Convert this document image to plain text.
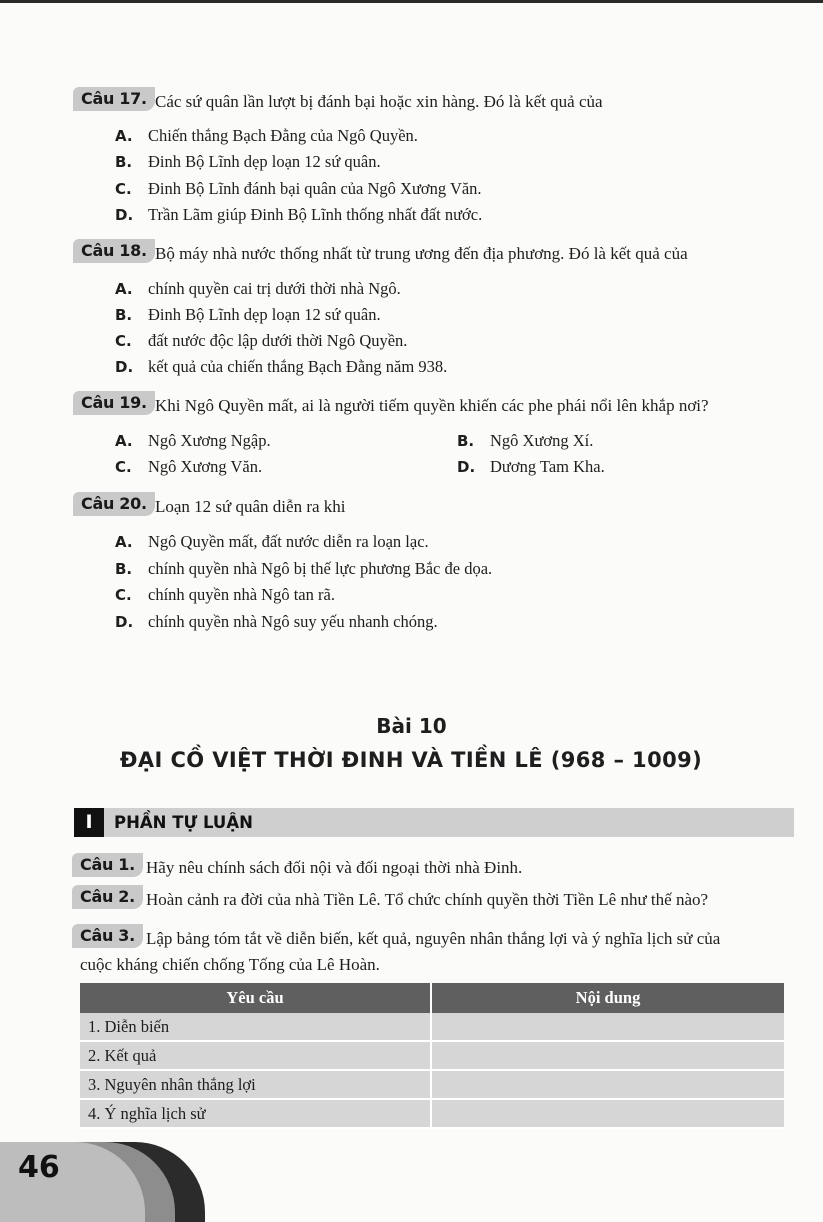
Câu 17. Các sứ quân lần lượt bị đánh bại hoặc xin hàng. Đó là kết quả của
A. Chiến thắng Bạch Đằng của Ngô Quyền.
B. Đinh Bộ Lĩnh dẹp loạn 12 sứ quân.
C. Đinh Bộ Lĩnh đánh bại quân của Ngô Xương Văn.
D. Trần Lãm giúp Đinh Bộ Lĩnh thống nhất đất nước.
Câu 18. Bộ máy nhà nước thống nhất từ trung ương đến địa phương. Đó là kết quả của
A. chính quyền cai trị dưới thời nhà Ngô.
B. Đinh Bộ Lĩnh dẹp loạn 12 sứ quân.
C. đất nước độc lập dưới thời Ngô Quyền.
D. kết quả của chiến thắng Bạch Đằng năm 938.
Câu 19. Khi Ngô Quyền mất, ai là người tiếm quyền khiến các phe phái nổi lên khắp nơi?
A. Ngô Xương Ngập.	B. Ngô Xương Xí.
C. Ngô Xương Văn.	D. Dương Tam Kha.
Câu 20. Loạn 12 sứ quân diễn ra khi
A. Ngô Quyền mất, đất nước diễn ra loạn lạc.
B. chính quyền nhà Ngô bị thế lực phương Bắc đe dọa.
C. chính quyền nhà Ngô tan rã.
D. chính quyền nhà Ngô suy yếu nhanh chóng.
Bài 10
ĐẠI CỒ VIỆT THỜI ĐINH VÀ TIỀN LÊ (968 – 1009)
I	PHẦN TỰ LUẬN
Câu 1. Hãy nêu chính sách đối nội và đối ngoại thời nhà Đinh.
Câu 2. Hoàn cảnh ra đời của nhà Tiền Lê. Tổ chức chính quyền thời Tiền Lê như thế nào?
Câu 3. Lập bảng tóm tắt về diễn biến, kết quả, nguyên nhân thắng lợi và ý nghĩa lịch sử của
cuộc kháng chiến chống Tống của Lê Hoàn.
Yêu cầu	Nội dung
1. Diễn biến	
2. Kết quả	
3. Nguyên nhân thắng lợi	
4. Ý nghĩa lịch sử	
46
